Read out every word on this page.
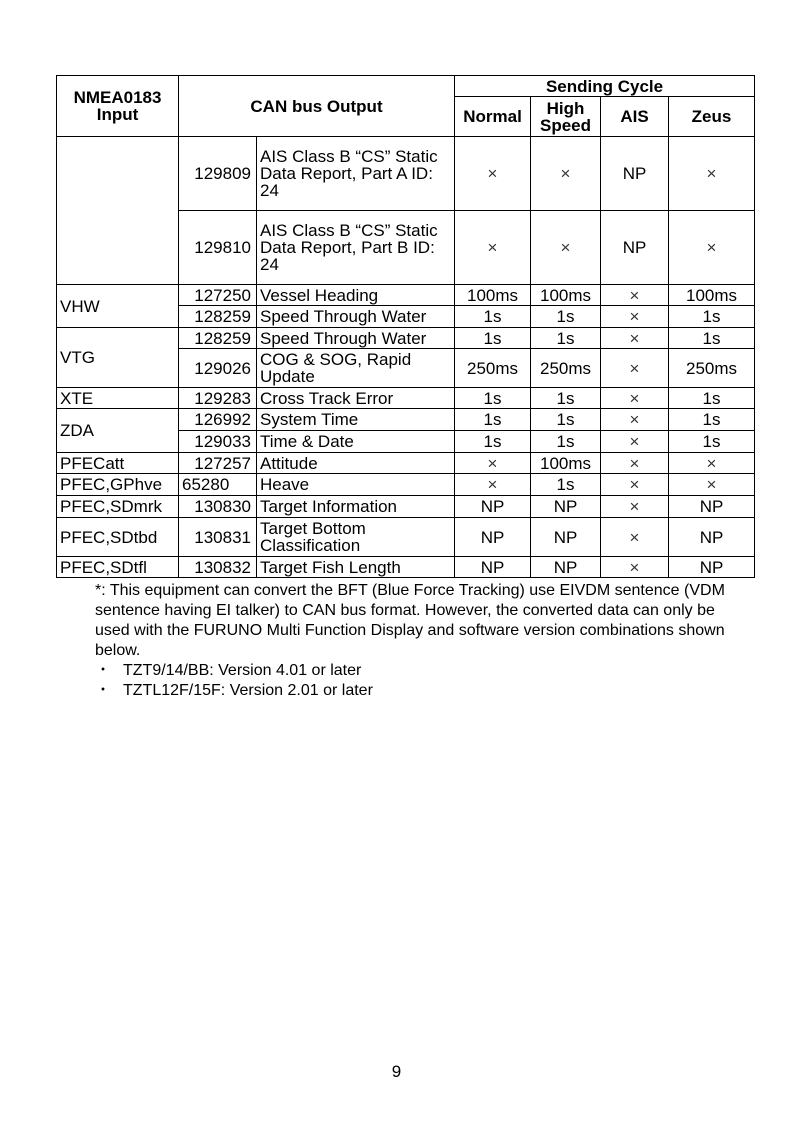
NMEA0183 Input	CAN bus Output		Sending Cycle			
			Normal	High Speed	AIS	Zeus
	129809	AIS Class B “CS” Static Data Report, Part A ID: 24	×	×	NP	×
	129810	AIS Class B “CS” Static Data Report, Part B ID: 24	×	×	NP	×
VHW	127250	Vessel Heading	100ms	100ms	×	100ms
	128259	Speed Through Water	1s	1s	×	1s
VTG	128259	Speed Through Water	1s	1s	×	1s
	129026	COG & SOG, Rapid Update	250ms	250ms	×	250ms
XTE	129283	Cross Track Error	1s	1s	×	1s
ZDA	126992	System Time	1s	1s	×	1s
	129033	Time & Date	1s	1s	×	1s
PFECatt	127257	Attitude	×	100ms	×	×
PFEC,GPhve	65280	Heave	×	1s	×	×
PFEC,SDmrk	130830	Target Information	NP	NP	×	NP
PFEC,SDtbd	130831	Target Bottom Classification	NP	NP	×	NP
PFEC,SDtfl	130832	Target Fish Length	NP	NP	×	NP

*: This equipment can convert the BFT (Blue Force Tracking) use EIVDM sentence (VDM sentence having EI talker) to CAN bus format. However, the converted data can only be used with the FURUNO Multi Function Display and software version combinations shown below.

・ TZT9/14/BB: Version 4.01 or later
・ TZTL12F/15F: Version 2.01 or later
9
